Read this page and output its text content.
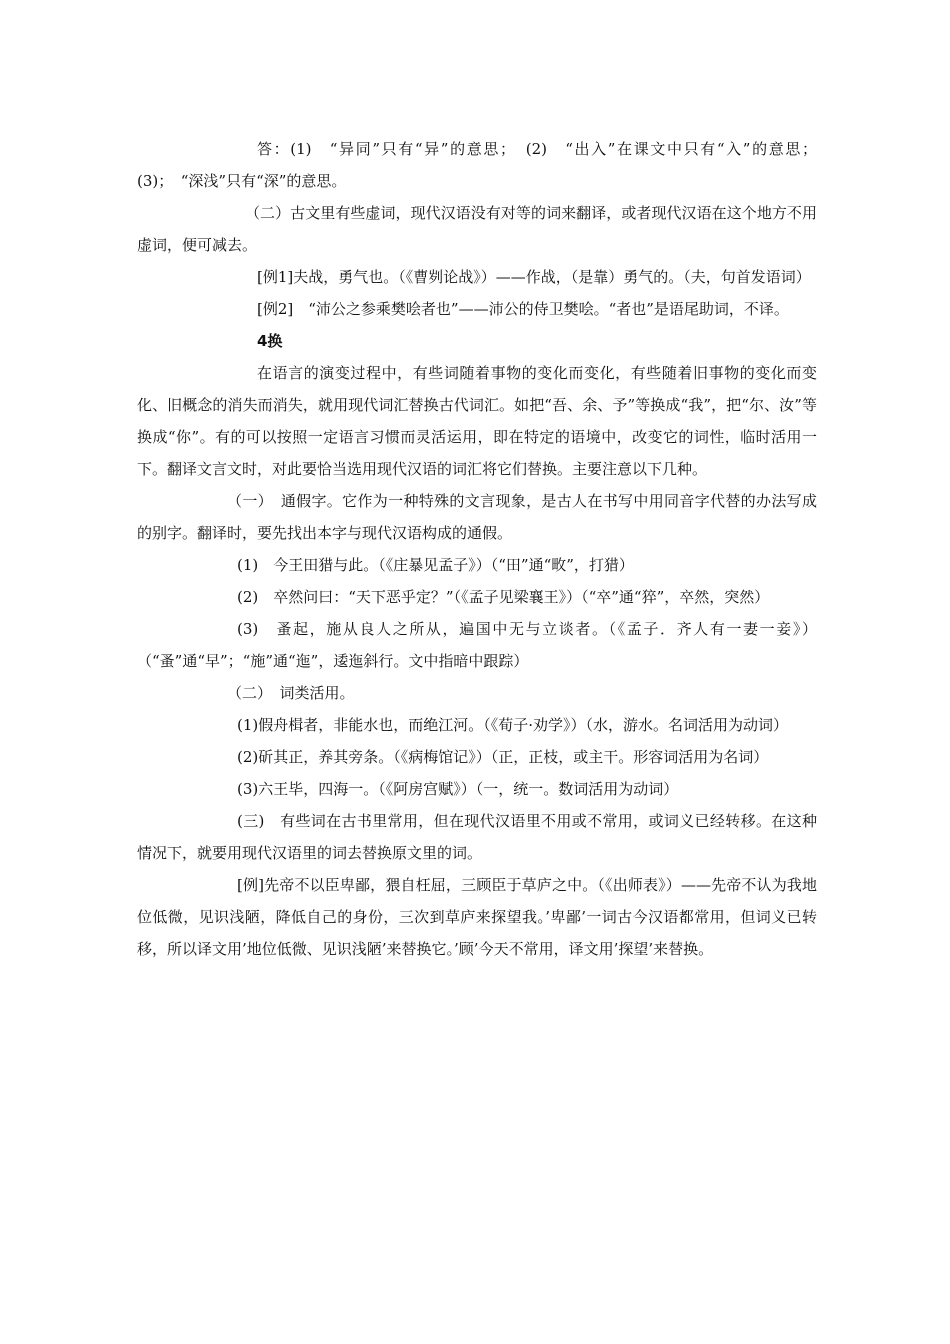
答：(1)　“异同”只有“异”的意思；　(2)　“出入”在课文中只有“入”的意思；(3)；　“深浅”只有“深”的意思。

（二）古文里有些虚词，现代汉语没有对等的词来翻译，或者现代汉语在这个地方不用虚词，便可减去。

[例1]夫战，勇气也。（《曹刿论战》）——作战，（是靠）勇气的。（夫，句首发语词）

[例2]　“沛公之参乘樊哙者也”——沛公的侍卫樊哙。“者也”是语尾助词，不译。

4换

在语言的演变过程中，有些词随着事物的变化而变化，有些随着旧事物的变化而变化、旧概念的消失而消失，就用现代词汇替换古代词汇。如把“吾、余、予”等换成“我”，把“尔、汝”等换成“你”。有的可以按照一定语言习惯而灵活运用，即在特定的语境中，改变它的词性，临时活用一下。翻译文言文时，对此要恰当选用现代汉语的词汇将它们替换。主要注意以下几种。

（一）　通假字。它作为一种特殊的文言现象，是古人在书写中用同音字代替的办法写成的别字。翻译时，要先找出本字与现代汉语构成的通假。

(1)　今王田猎与此。（《庄暴见孟子》）（“田”通“畋”，打猎）

(2)　卒然问曰：“天下恶乎定？”（《孟子见梁襄王》）（“卒”通“猝”，卒然，突然）

(3)　蚤起，施从良人之所从，遍国中无与立谈者。（《孟子．齐人有一妻一妾》）（“蚤”通“早”；“施”通“迤”，逶迤斜行。文中指暗中跟踪）

（二）　词类活用。

(1)假舟楫者，非能水也，而绝江河。（《荀子·劝学》）（水，游水。名词活用为动词）

(2)斫其正，养其旁条。（《病梅馆记》）（正，正枝，或主干。形容词活用为名词）

(3)六王毕，四海一。（《阿房宫赋》）（一，统一。数词活用为动词）

(三)　有些词在古书里常用，但在现代汉语里不用或不常用，或词义已经转移。在这种情况下，就要用现代汉语里的词去替换原文里的词。

[例]先帝不以臣卑鄙，猥自枉屈，三顾臣于草庐之中。（《出师表》）——先帝不认为我地位低微，见识浅陋，降低自己的身份，三次到草庐来探望我。’卑鄙’一词古今汉语都常用，但词义已转移，所以译文用’地位低微、见识浅陋’来替换它。’顾’今天不常用，译文用’探望’来替换。
